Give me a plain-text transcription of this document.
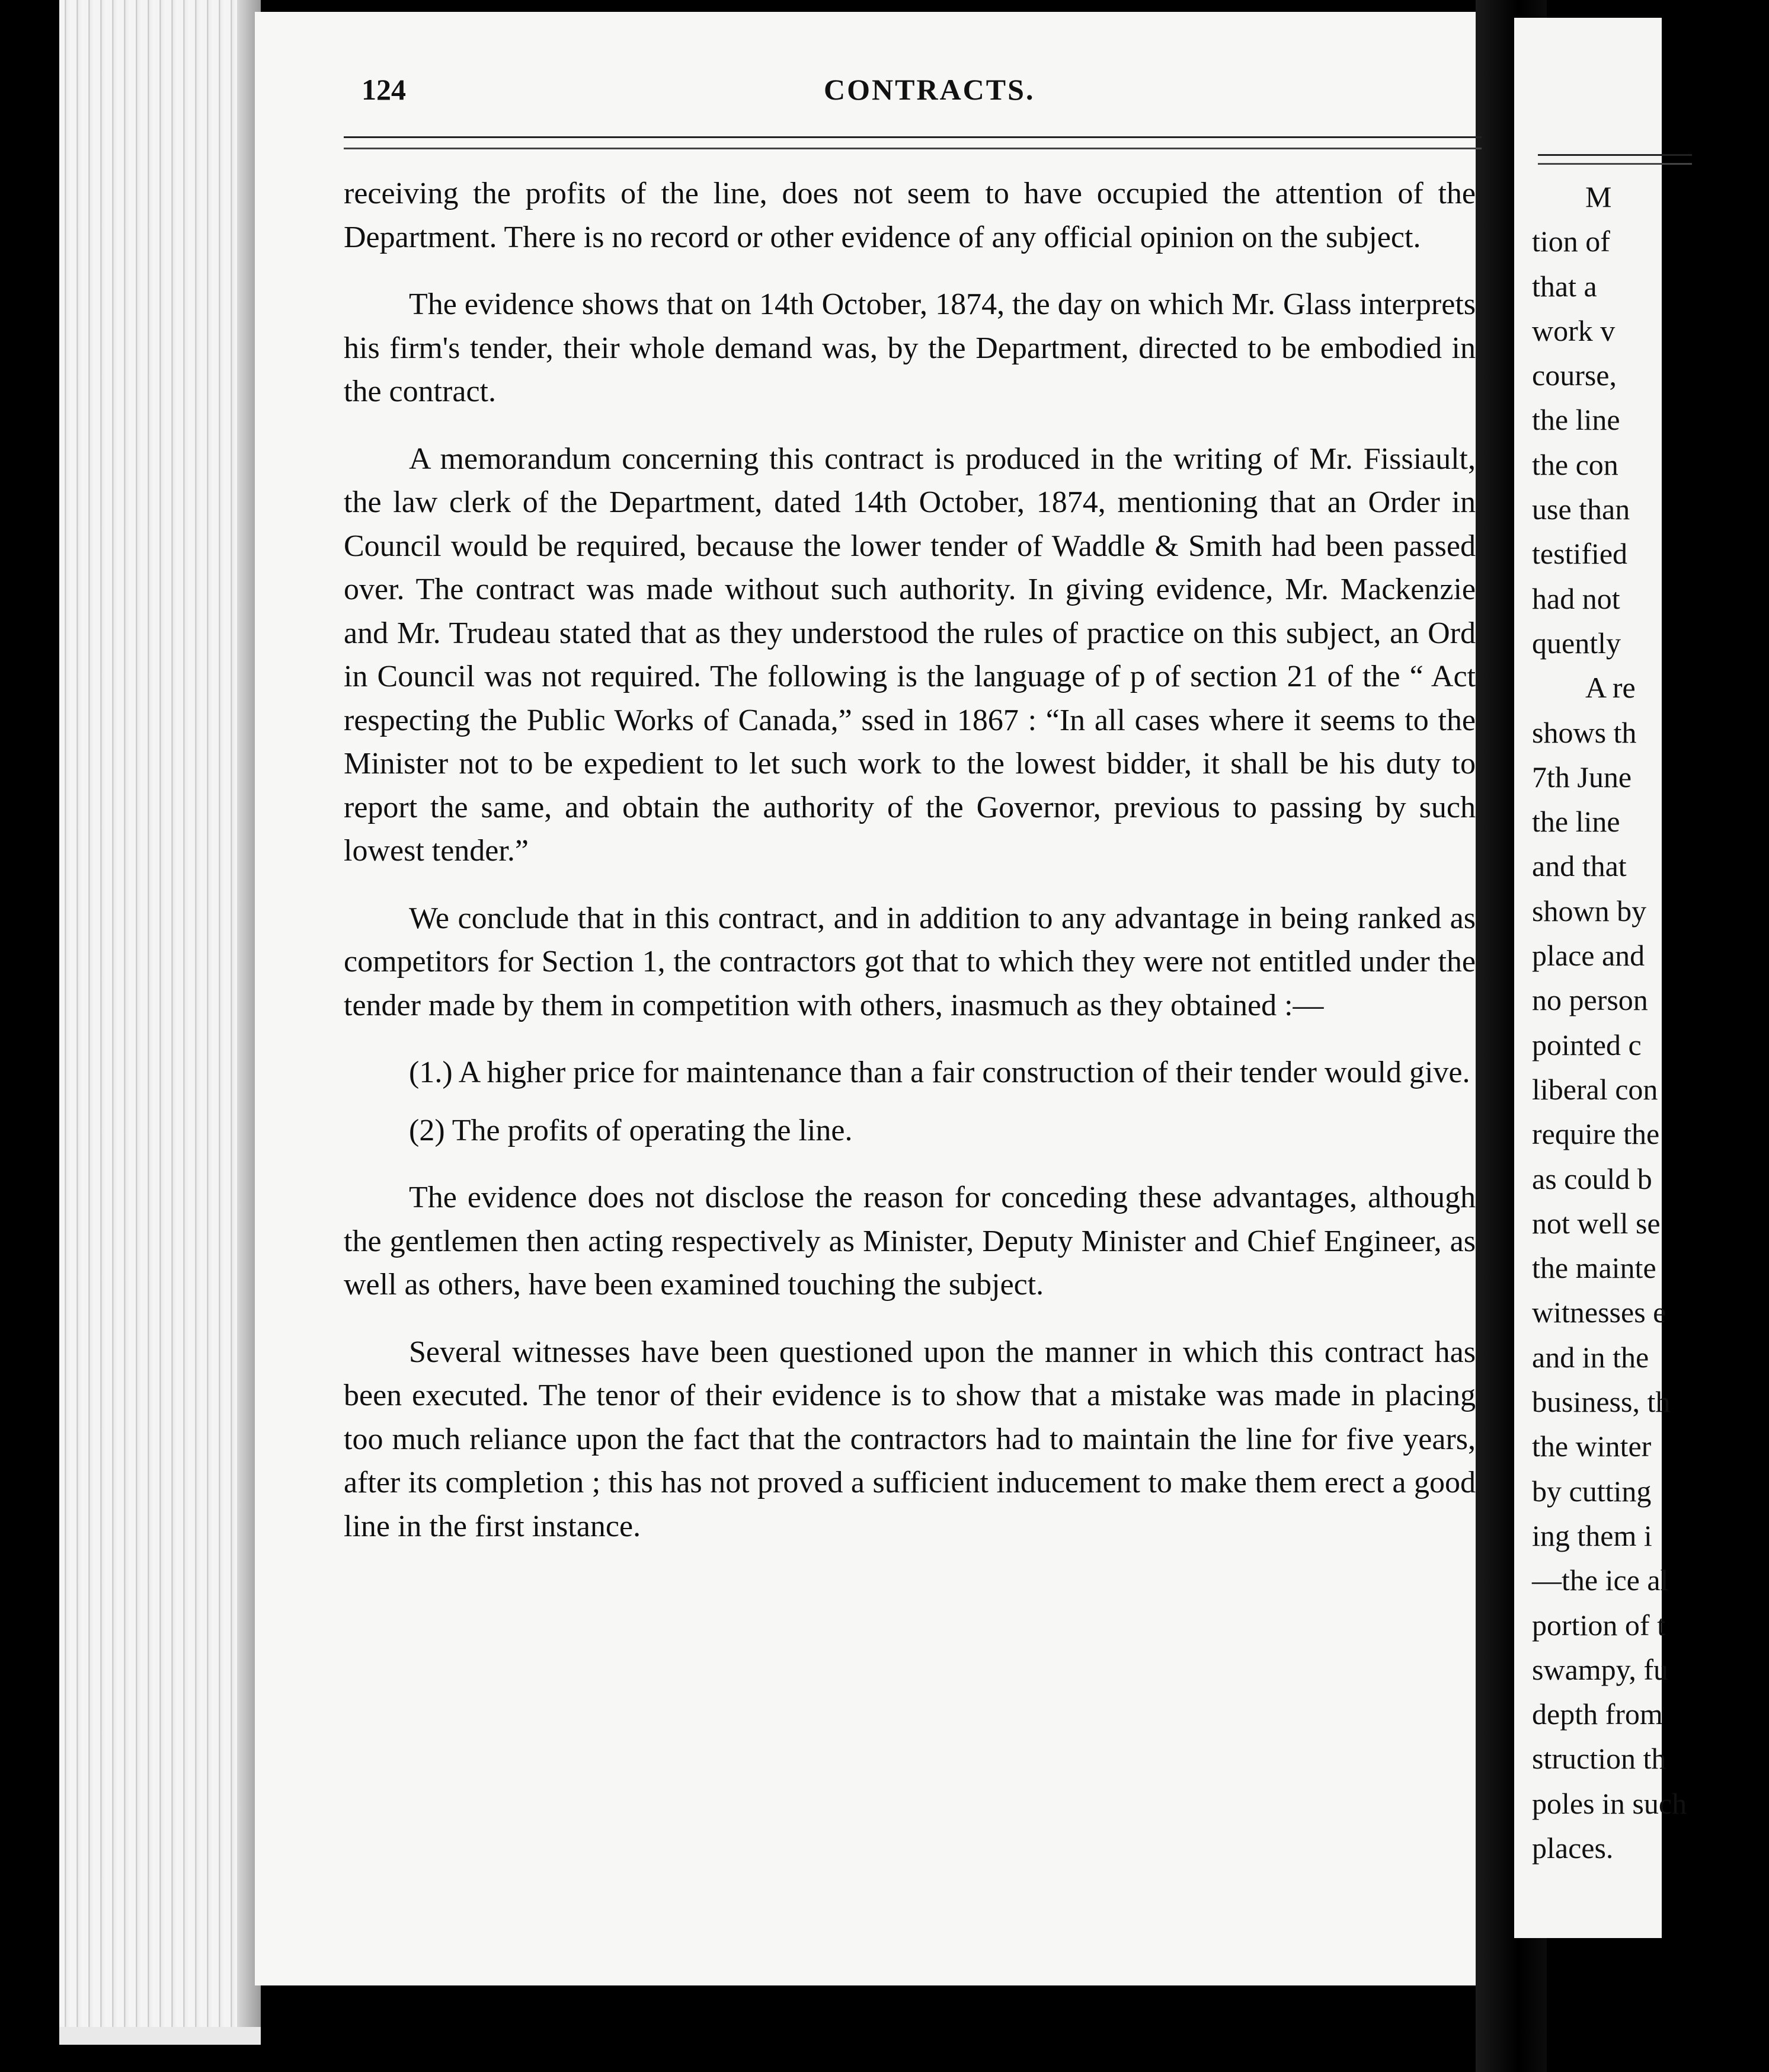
M
tion of
that a
work v
course,
the line
the con
use than
testified
had not
quently
A re
shows th
7th June
the line
and that
shown by
place and
no person
pointed c
liberal con
require the
as could b
not well se
the mainte
witnesses e
and in the
business, th
the winter
by cutting
ing them i
—the ice al
portion of t
swampy, fu
depth from
struction th
poles in such
places.
124	CONTRACTS.

receiving the profits of the line, does not seem to have occupied the attention of the Department. There is no record or other evidence of any official opinion on the subject.

The evidence shows that on 14th October, 1874, the day on which Mr. Glass interprets his firm's tender, their whole demand was, by the Department, directed to be embodied in the contract.

A memorandum concerning this contract is produced in the writing of Mr. Fissiault, the law clerk of the Department, dated 14th October, 1874, mentioning that an Order in Council would be required, because the lower tender of Waddle & Smith had been passed over. The contract was made without such authority. In giving evidence, Mr. Mackenzie and Mr. Trudeau stated that as they understood the rules of practice on this subject, an Ord in Council was not required. The following is the language of p of section 21 of the “ Act respecting the Public Works of Canada,” ssed in 1867 : “In all cases where it seems to the Minister not to be expedient to let such work to the lowest bidder, it shall be his duty to report the same, and obtain the authority of the Governor, previous to passing by such lowest tender.”

We conclude that in this contract, and in addition to any advantage in being ranked as competitors for Section 1, the contractors got that to which they were not entitled under the tender made by them in competition with others, inasmuch as they obtained :—

(1.) A higher price for maintenance than a fair construction of their tender would give.

(2) The profits of operating the line.

The evidence does not disclose the reason for conceding these advantages, although the gentlemen then acting respectively as Minister, Deputy Minister and Chief Engineer, as well as others, have been examined touching the subject.

Several witnesses have been questioned upon the manner in which this contract has been executed. The tenor of their evidence is to show that a mistake was made in placing too much reliance upon the fact that the contractors had to maintain the line for five years, after its completion ; this has not proved a sufficient inducement to make them erect a good line in the first instance.
